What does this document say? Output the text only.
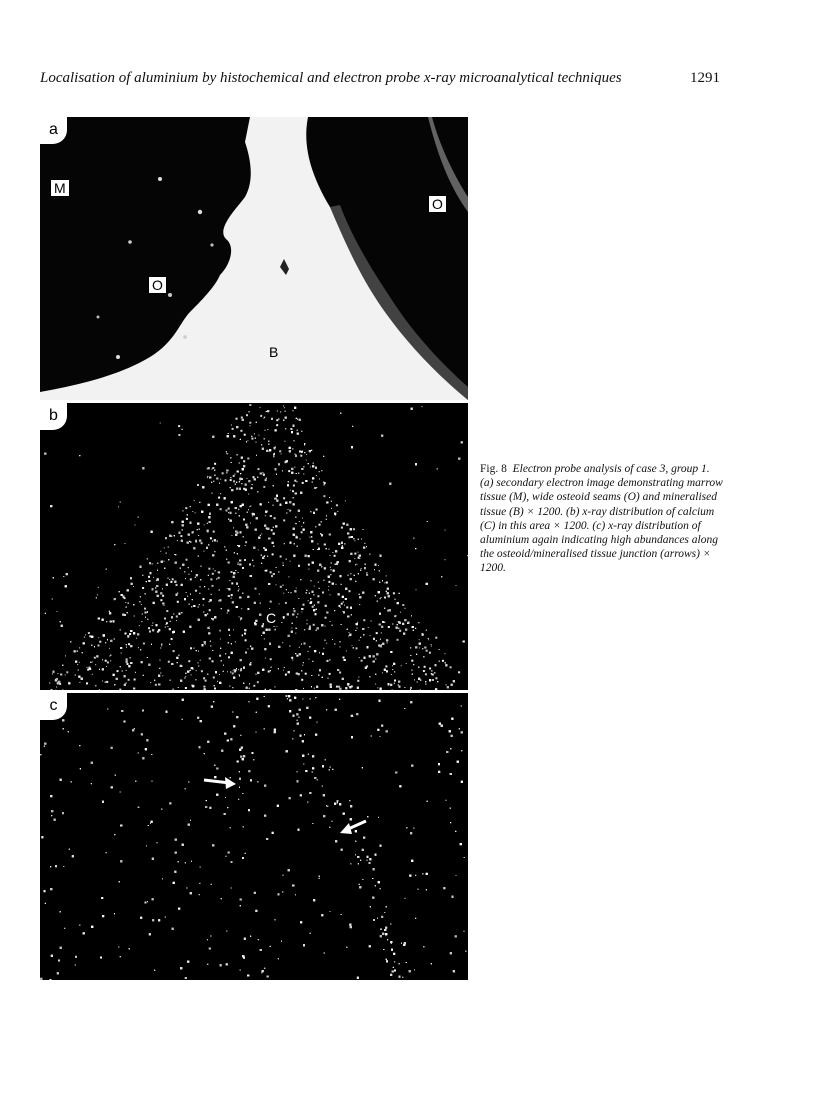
Localisation of aluminium by histochemical and electron probe x-ray microanalytical techniques	1291
a
M
O
O
B
b
C
c
Fig. 8 Electron probe analysis of case 3, group 1. (a) secondary electron image demonstrating marrow tissue (M), wide osteoid seams (O) and mineralised tissue (B) × 1200. (b) x-ray distribution of calcium (C) in this area × 1200. (c) x-ray distribution of aluminium again indicating high abundances along the osteoid/mineralised tissue junction (arrows) × 1200.
